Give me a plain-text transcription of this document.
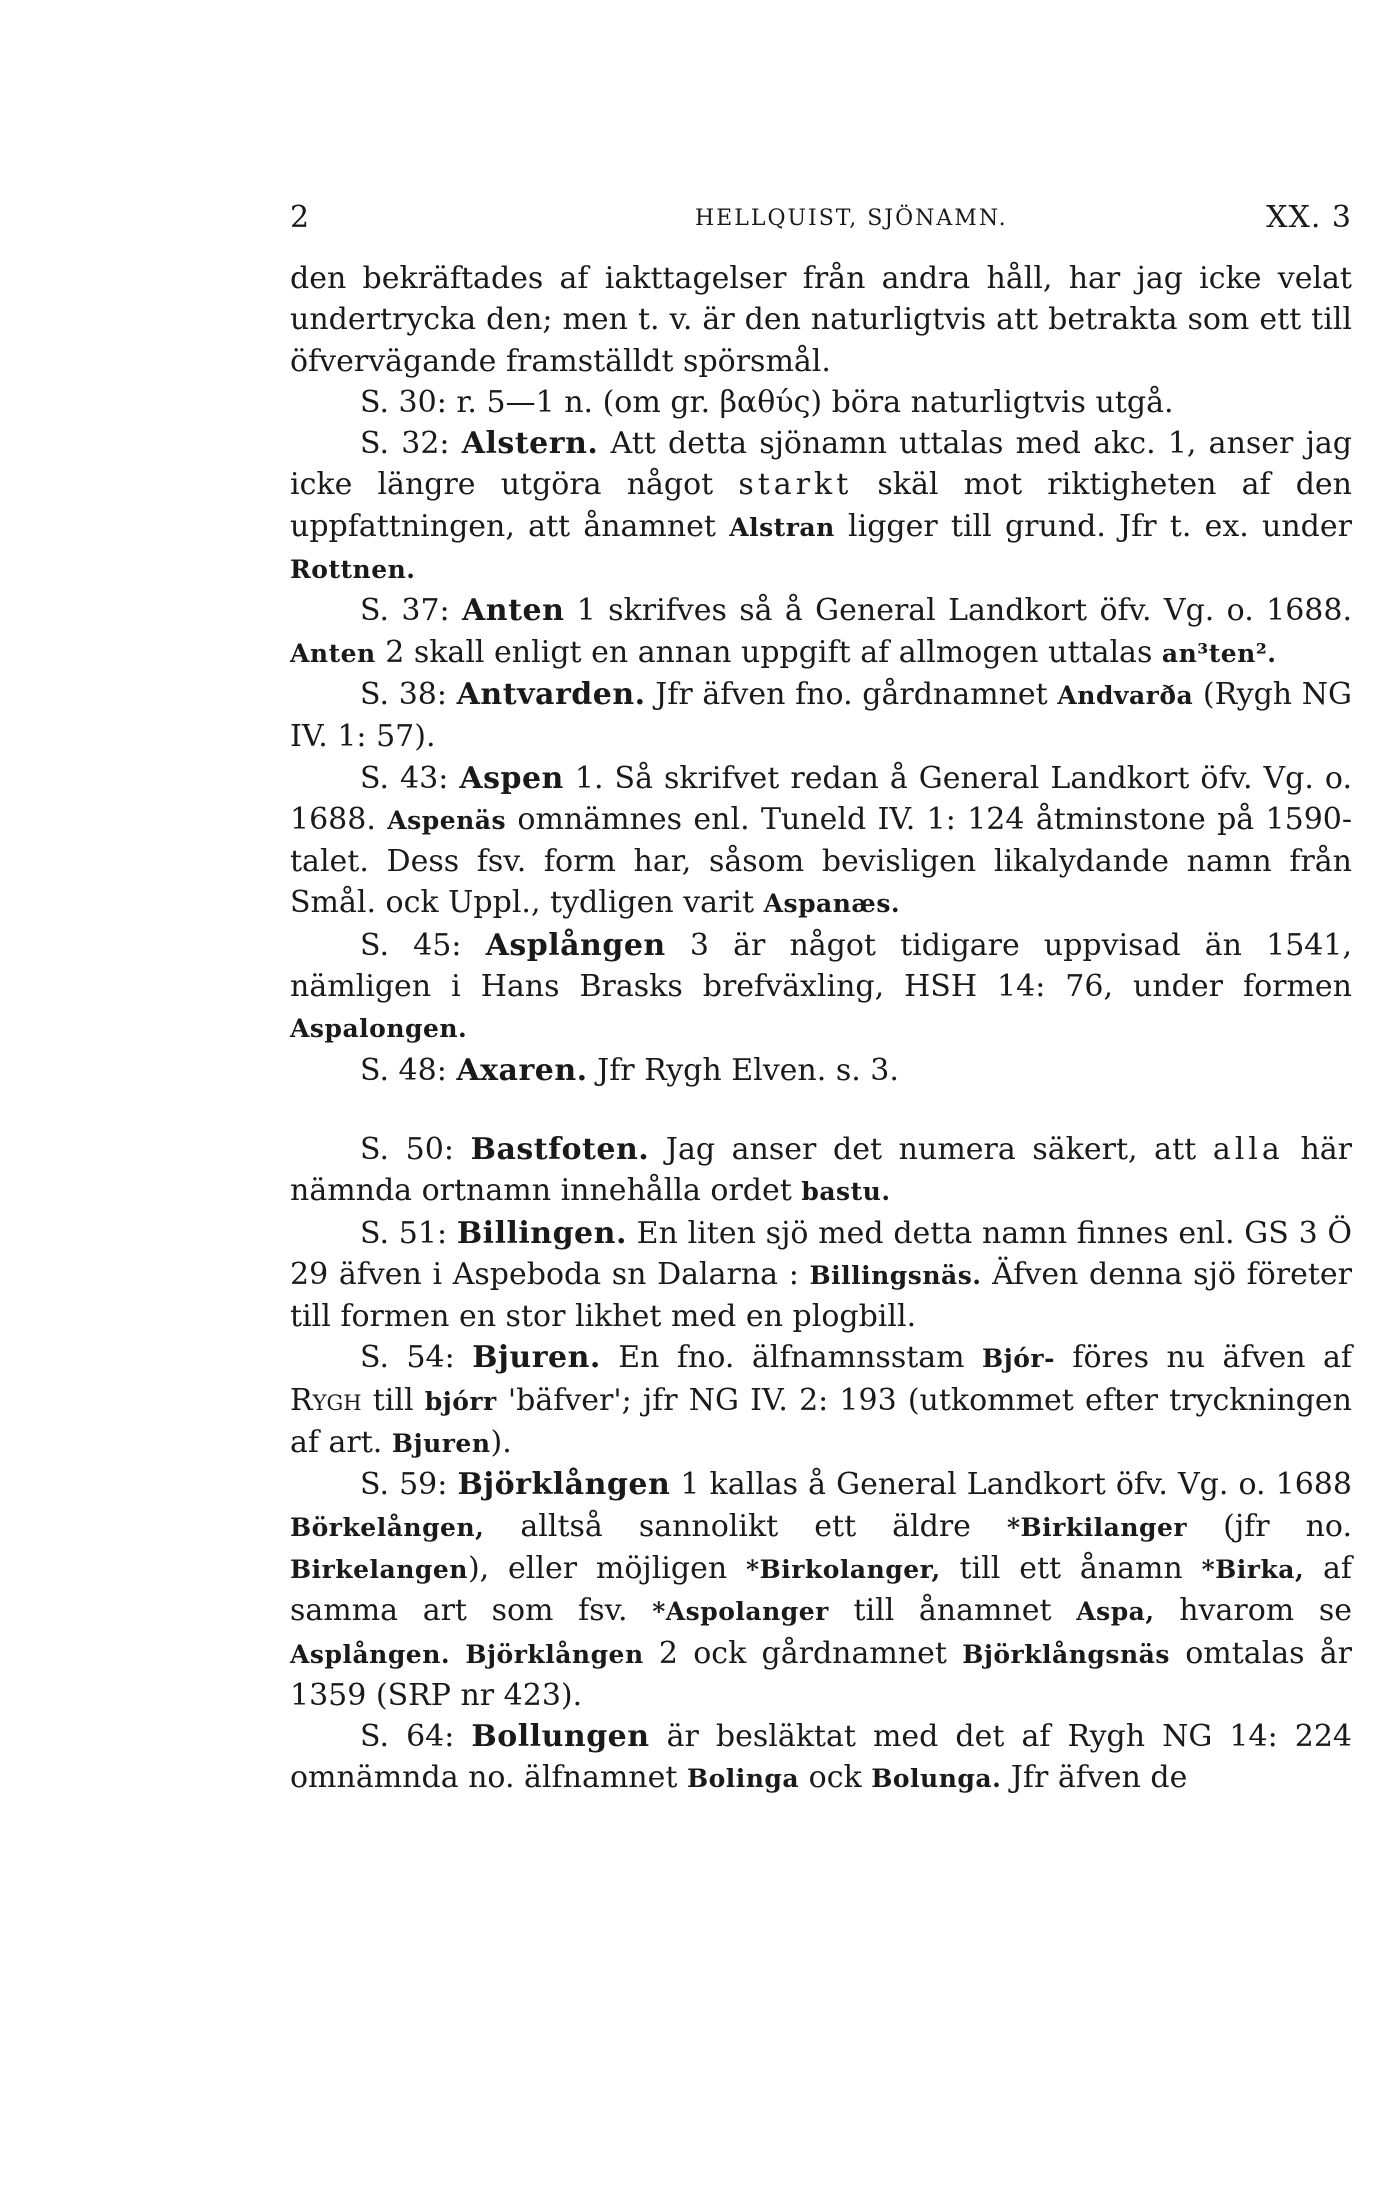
2	HELLQUIST, SJÖNAMN.	XX. 3

den bekräftades af iakttagelser från andra håll, har jag icke velat undertrycka den; men t. v. är den naturligtvis att betrakta som ett till öfvervägande framställdt spörsmål.

S. 30: r. 5—1 n. (om gr. βαθύς) böra naturligtvis utgå.

S. 32: Alstern. Att detta sjönamn uttalas med akc. 1, anser jag icke längre utgöra något starkt skäl mot riktigheten af den uppfattningen, att ånamnet Alstran ligger till grund. Jfr t. ex. under Rottnen.

S. 37: Anten 1 skrifves så å General Landkort öfv. Vg. o. 1688. Anten 2 skall enligt en annan uppgift af allmogen uttalas an³ten².

S. 38: Antvarden. Jfr äfven fno. gårdnamnet Andvarða (Rygh NG IV. 1: 57).

S. 43: Aspen 1. Så skrifvet redan å General Landkort öfv. Vg. o. 1688. Aspenäs omnämnes enl. Tuneld IV. 1: 124 åtminstone på 1590-talet. Dess fsv. form har, såsom bevisligen likalydande namn från Smål. ock Uppl., tydligen varit Aspanæs.

S. 45: Asplången 3 är något tidigare uppvisad än 1541, nämligen i Hans Brasks brefväxling, HSH 14: 76, under formen Aspalongen.

S. 48: Axaren. Jfr Rygh Elven. s. 3.

S. 50: Bastfoten. Jag anser det numera säkert, att alla här nämnda ortnamn innehålla ordet bastu.

S. 51: Billingen. En liten sjö med detta namn finnes enl. GS 3 Ö 29 äfven i Aspeboda sn Dalarna : Billingsnäs. Äfven denna sjö företer till formen en stor likhet med en plogbill.

S. 54: Bjuren. En fno. älfnamnsstam Bjór- föres nu äfven af Rygh till bjórr 'bäfver'; jfr NG IV. 2: 193 (utkommet efter tryckningen af art. Bjuren).

S. 59: Björklången 1 kallas å General Landkort öfv. Vg. o. 1688 Börkelången, alltså sannolikt ett äldre *Birkilanger (jfr no. Birkelangen), eller möjligen *Birkolanger, till ett ånamn *Birka, af samma art som fsv. *Aspolanger till ånamnet Aspa, hvarom se Asplången. Björklången 2 ock gårdnamnet Björklångsnäs omtalas år 1359 (SRP nr 423).

S. 64: Bollungen är besläktat med det af Rygh NG 14: 224 omnämnda no. älfnamnet Bolinga ock Bolunga. Jfr äfven de
